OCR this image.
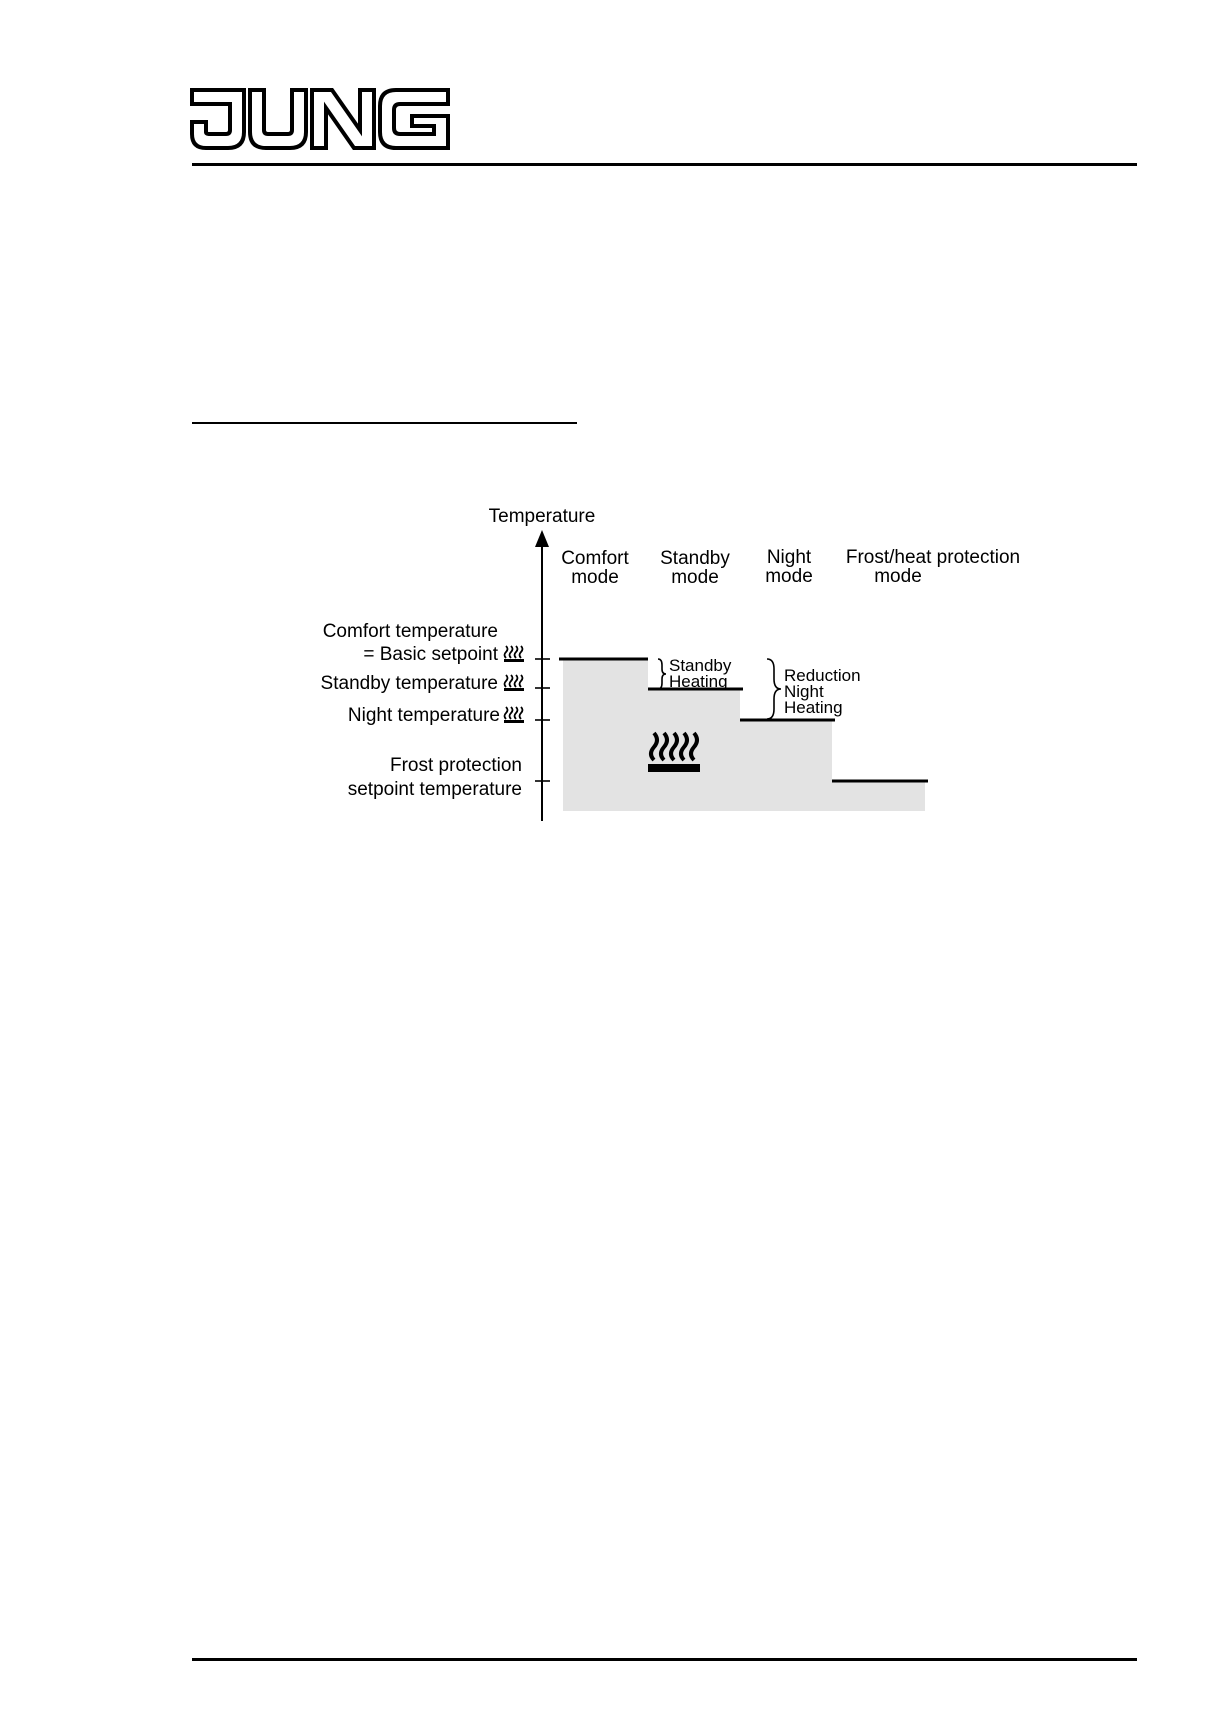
JUNG
Temperature
Comfort
mode
Standby
mode
Night
mode
Frost/heat protection
mode
Comfort temperature
= Basic setpoint
Standby temperature
Night temperature
Frost protection
setpoint temperature
Standby
Heating	Reduction
Night
Heating
